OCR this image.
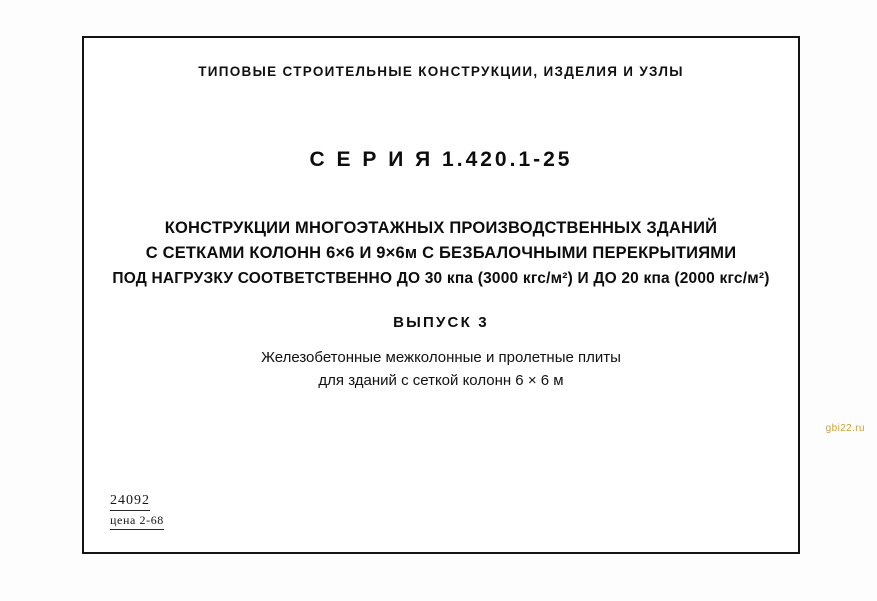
ТИПОВЫЕ СТРОИТЕЛЬНЫЕ КОНСТРУКЦИИ, ИЗДЕЛИЯ И УЗЛЫ
С Е Р И Я 1.420.1-25
КОНСТРУКЦИИ МНОГОЭТАЖНЫХ ПРОИЗВОДСТВЕННЫХ ЗДАНИЙ
С СЕТКАМИ КОЛОНН 6×6 И 9×6м С БЕЗБАЛОЧНЫМИ ПЕРЕКРЫТИЯМИ
ПОД НАГРУЗКУ СООТВЕТСТВЕННО ДО 30 кпа (3000 кгс/м²) И ДО 20 кпа (2000 кгс/м²)
ВЫПУСК 3
Железобетонные межколонные и пролетные плиты
для зданий с сеткой колонн 6 × 6 м
24092
цена 2-68
gbi22.ru
